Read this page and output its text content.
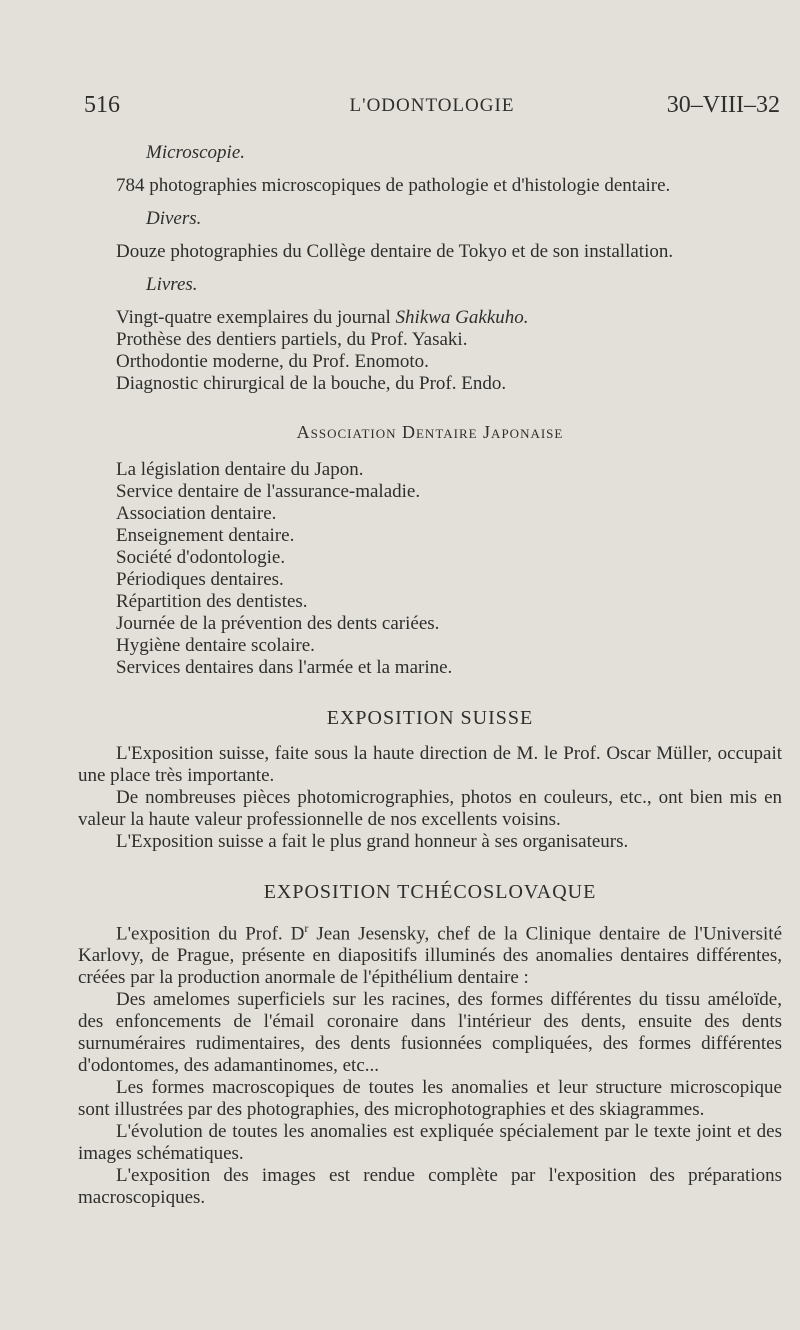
516	L'ODONTOLOGIE	30–VIII–32

Microscopie.

784 photographies microscopiques de pathologie et d'histologie dentaire.

Divers.

Douze photographies du Collège dentaire de Tokyo et de son installation.

Livres.

Vingt-quatre exemplaires du journal Shikwa Gakkuho.

Prothèse des dentiers partiels, du Prof. Yasaki.

Orthodontie moderne, du Prof. Enomoto.

Diagnostic chirurgical de la bouche, du Prof. Endo.

Association Dentaire Japonaise

La législation dentaire du Japon.

Service dentaire de l'assurance-maladie.

Association dentaire.

Enseignement dentaire.

Société d'odontologie.

Périodiques dentaires.

Répartition des dentistes.

Journée de la prévention des dents cariées.

Hygiène dentaire scolaire.

Services dentaires dans l'armée et la marine.

EXPOSITION SUISSE

L'Exposition suisse, faite sous la haute direction de M. le Prof. Oscar Müller, occupait une place très importante.

De nombreuses pièces photomicrographies, photos en couleurs, etc., ont bien mis en valeur la haute valeur professionnelle de nos excellents voisins.

L'Exposition suisse a fait le plus grand honneur à ses organisateurs.

EXPOSITION TCHÉCOSLOVAQUE

L'exposition du Prof. $D^r$ Jean Jesensky, chef de la Clinique dentaire de l'Université Karlovy, de Prague, présente en diapositifs illuminés des anomalies dentaires différentes, créées par la production anormale de l'épithélium dentaire :

Des amelomes superficiels sur les racines, des formes différentes du tissu améloïde, des enfoncements de l'émail coronaire dans l'intérieur des dents, ensuite des dents surnuméraires rudimentaires, des dents fusionnées compliquées, des formes différentes d'odontomes, des adamantinomes, etc...

Les formes macroscopiques de toutes les anomalies et leur structure microscopique sont illustrées par des photographies, des microphotographies et des skiagrammes.

L'évolution de toutes les anomalies est expliquée spécialement par le texte joint et des images schématiques.

L'exposition des images est rendue complète par l'exposition des préparations macroscopiques.
